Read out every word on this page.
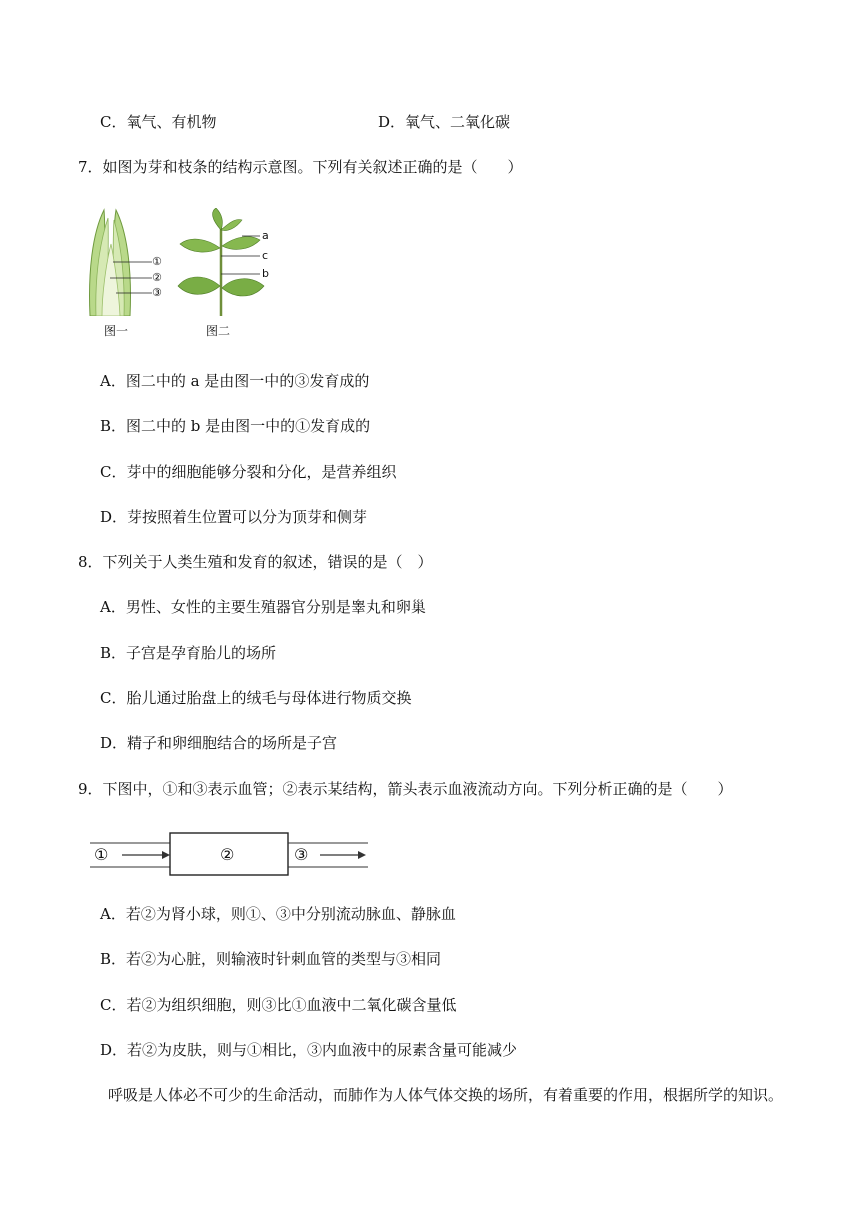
C．氧气、有机物	D．氧气、二氧化碳
7．如图为芽和枝条的结构示意图。下列有关叙述正确的是（　　）
①
②
③
图一
a
c
b
图二
A．图二中的 a 是由图一中的③发育成的
B．图二中的 b 是由图一中的①发育成的
C．芽中的细胞能够分裂和分化，是营养组织
D．芽按照着生位置可以分为顶芽和侧芽
8．下列关于人类生殖和发育的叙述，错误的是（　）
A．男性、女性的主要生殖器官分别是睾丸和卵巢
B．子宫是孕育胎儿的场所
C．胎儿通过胎盘上的绒毛与母体进行物质交换
D．精子和卵细胞结合的场所是子宫
9．下图中，①和③表示血管；②表示某结构，箭头表示血液流动方向。下列分析正确的是（　　）
①	②	③
A．若②为肾小球，则①、③中分别流动脉血、静脉血
B．若②为心脏，则输液时针刺血管的类型与③相同
C．若②为组织细胞，则③比①血液中二氧化碳含量低
D．若②为皮肤，则与①相比，③内血液中的尿素含量可能减少
呼吸是人体必不可少的生命活动，而肺作为人体气体交换的场所，有着重要的作用，根据所学的知识。
